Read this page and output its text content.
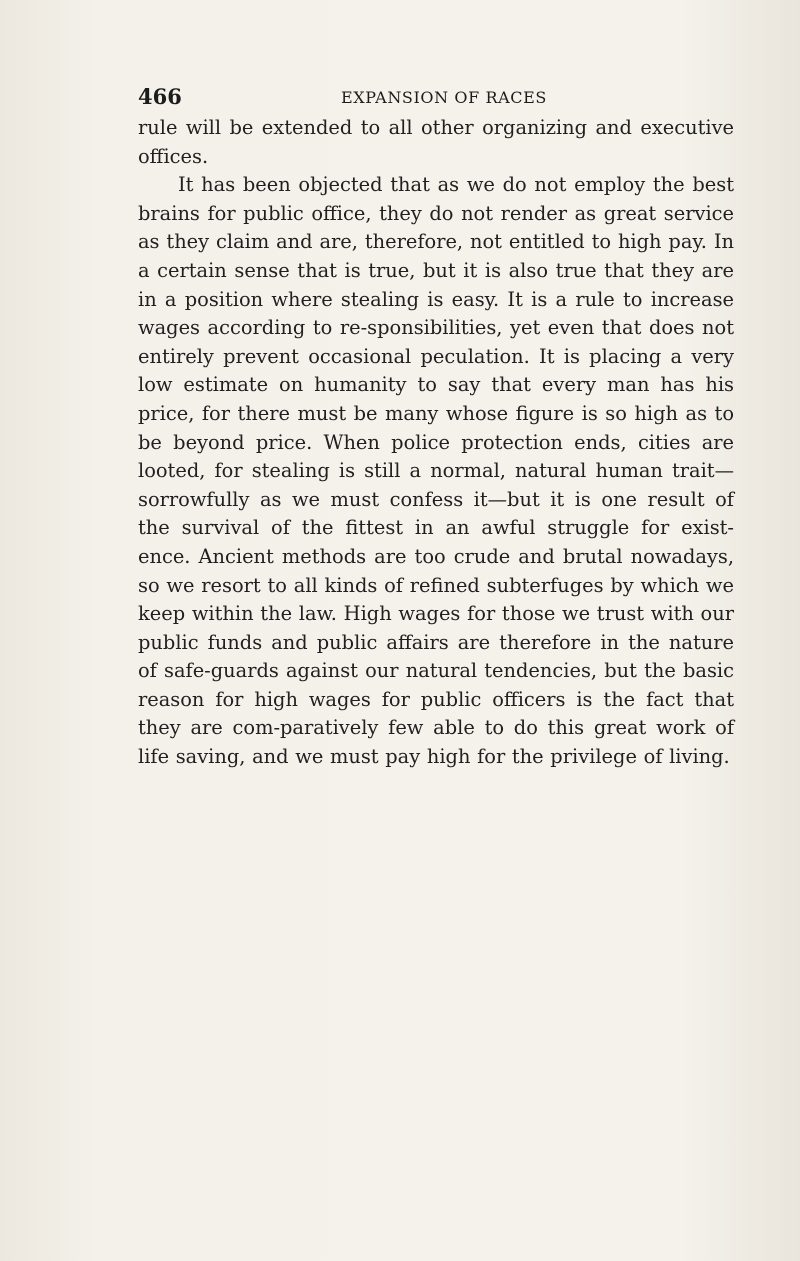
466	EXPANSION OF RACES

rule will be extended to all other organizing and executive offices.

It has been objected that as we do not employ the best brains for public office, they do not render as great service as they claim and are, therefore, not entitled to high pay. In a certain sense that is true, but it is also true that they are in a position where stealing is easy. It is a rule to increase wages according to re-sponsibilities, yet even that does not entirely prevent occasional peculation. It is placing a very low estimate on humanity to say that every man has his price, for there must be many whose figure is so high as to be beyond price. When police protection ends, cities are looted, for stealing is still a normal, natural human trait—sorrowfully as we must confess it—but it is one result of the survival of the fittest in an awful struggle for exist-ence. Ancient methods are too crude and brutal nowadays, so we resort to all kinds of refined subterfuges by which we keep within the law. High wages for those we trust with our public funds and public affairs are therefore in the nature of safe-guards against our natural tendencies, but the basic reason for high wages for public officers is the fact that they are com-paratively few able to do this great work of life saving, and we must pay high for the privilege of living.
